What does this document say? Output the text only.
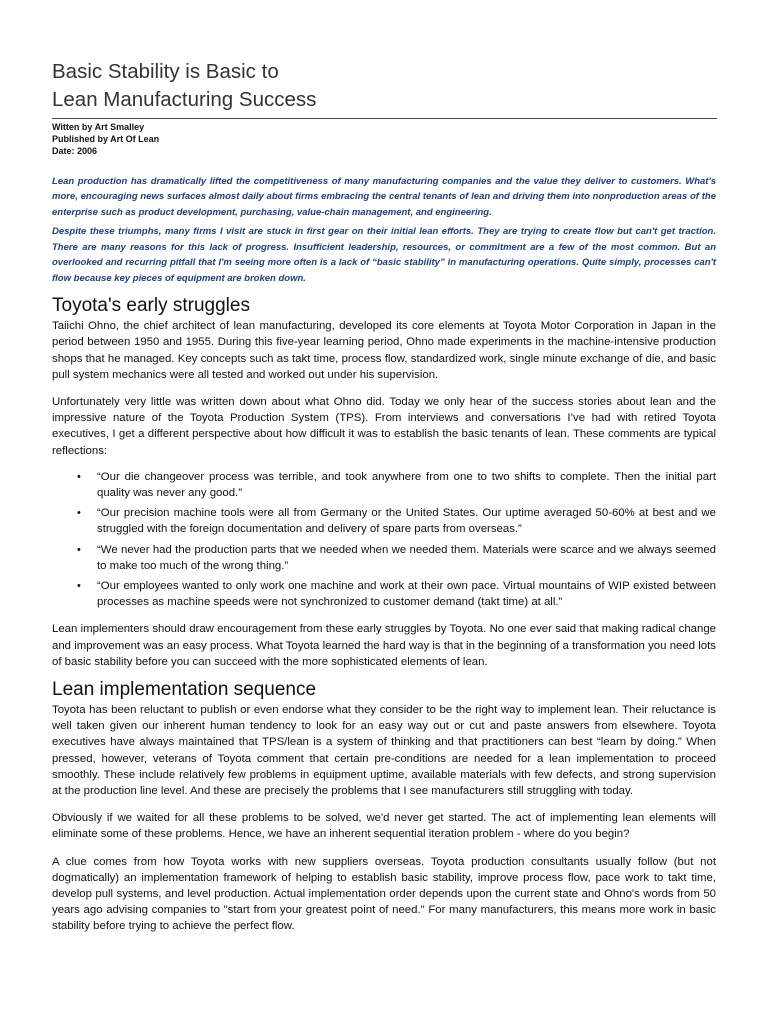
Basic Stability is Basic to
Lean Manufacturing Success
Witten by Art Smalley
Published by Art Of Lean
Date: 2006

Lean production has dramatically lifted the competitiveness of many manufacturing companies and the value they deliver to customers. What's more, encouraging news surfaces almost daily about firms embracing the central tenants of lean and driving them into nonproduction areas of the enterprise such as product development, purchasing, value-chain management, and engineering.

Despite these triumphs, many firms I visit are stuck in first gear on their initial lean efforts. They are trying to create flow but can't get traction. There are many reasons for this lack of progress. Insufficient leadership, resources, or commitment are a few of the most common. But an overlooked and recurring pitfall that I'm seeing more often is a lack of “basic stability” in manufacturing operations. Quite simply, processes can't flow because key pieces of equipment are broken down.

Toyota's early struggles

Taiichi Ohno, the chief architect of lean manufacturing, developed its core elements at Toyota Motor Corporation in Japan in the period between 1950 and 1955. During this five-year learning period, Ohno made experiments in the machine-intensive production shops that he managed. Key concepts such as takt time, process flow, standardized work, single minute exchange of die, and basic pull system mechanics were all tested and worked out under his supervision.

Unfortunately very little was written down about what Ohno did. Today we only hear of the success stories about lean and the impressive nature of the Toyota Production System (TPS). From interviews and conversations I’ve had with retired Toyota executives, I get a different perspective about how difficult it was to establish the basic tenants of lean. These comments are typical reflections:

• “Our die changeover process was terrible, and took anywhere from one to two shifts to complete. Then the initial part quality was never any good.”
• “Our precision machine tools were all from Germany or the United States. Our uptime averaged 50-60% at best and we struggled with the foreign documentation and delivery of spare parts from overseas.”
• “We never had the production parts that we needed when we needed them. Materials were scarce and we always seemed to make too much of the wrong thing.”
• “Our employees wanted to only work one machine and work at their own pace. Virtual mountains of WIP existed between processes as machine speeds were not synchronized to customer demand (takt time) at all.”

Lean implementers should draw encouragement from these early struggles by Toyota. No one ever said that making radical change and improvement was an easy process. What Toyota learned the hard way is that in the beginning of a transformation you need lots of basic stability before you can succeed with the more sophisticated elements of lean.

Lean implementation sequence

Toyota has been reluctant to publish or even endorse what they consider to be the right way to implement lean. Their reluctance is well taken given our inherent human tendency to look for an easy way out or cut and paste answers from elsewhere. Toyota executives have always maintained that TPS/lean is a system of thinking and that practitioners can best “learn by doing.” When pressed, however, veterans of Toyota comment that certain pre-conditions are needed for a lean implementation to proceed smoothly. These include relatively few problems in equipment uptime, available materials with few defects, and strong supervision at the production line level. And these are precisely the problems that I see manufacturers still struggling with today.

Obviously if we waited for all these problems to be solved, we'd never get started. The act of implementing lean elements will eliminate some of these problems. Hence, we have an inherent sequential iteration problem - where do you begin?

A clue comes from how Toyota works with new suppliers overseas. Toyota production consultants usually follow (but not dogmatically) an implementation framework of helping to establish basic stability, improve process flow, pace work to takt time, develop pull systems, and level production. Actual implementation order depends upon the current state and Ohno's words from 50 years ago advising companies to "start from your greatest point of need." For many manufacturers, this means more work in basic stability before trying to achieve the perfect flow.
